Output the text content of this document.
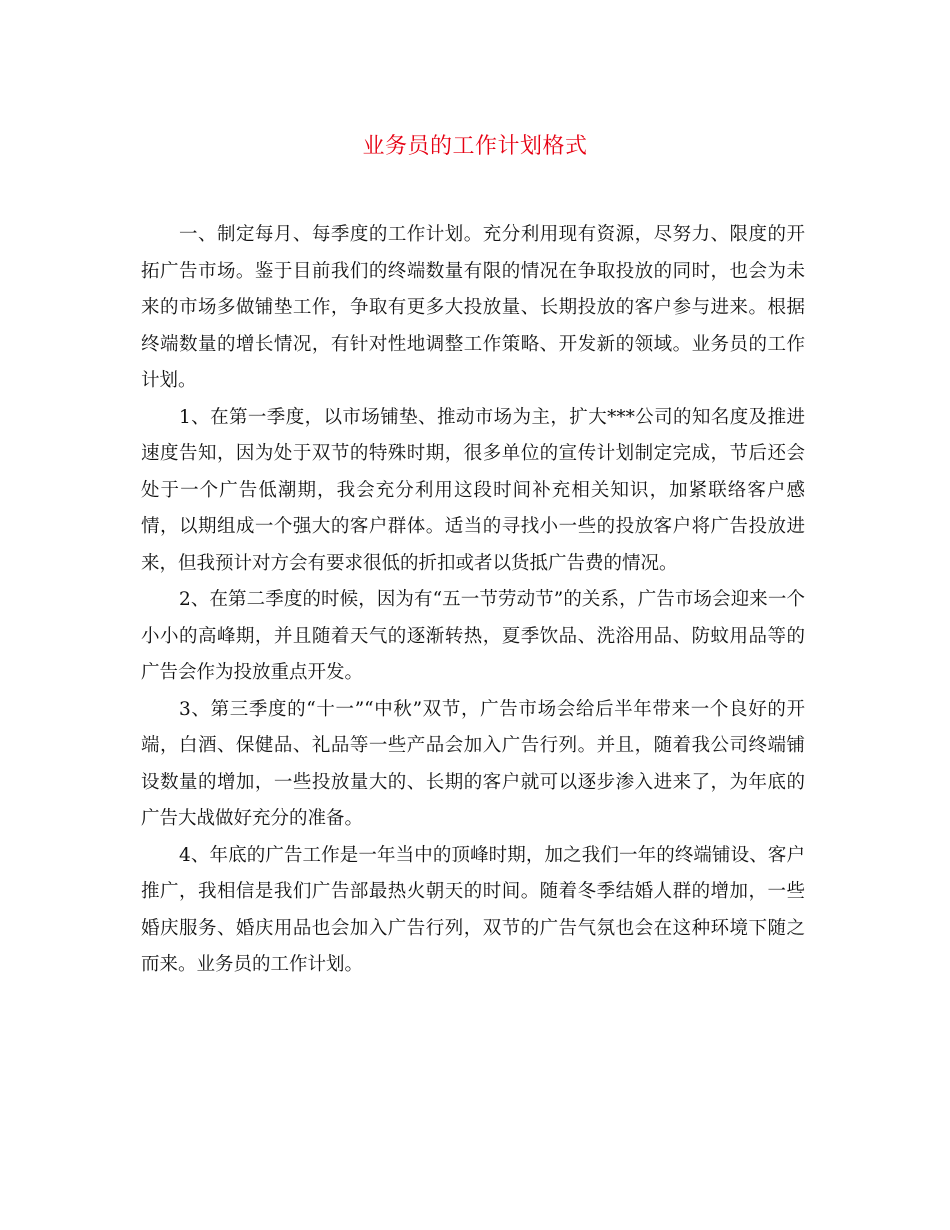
业务员的工作计划格式

一、制定每月、每季度的工作计划。充分利用现有资源，尽努力、限度的开拓广告市场。鉴于目前我们的终端数量有限的情况在争取投放的同时，也会为未来的市场多做铺垫工作，争取有更多大投放量、长期投放的客户参与进来。根据终端数量的增长情况，有针对性地调整工作策略、开发新的领域。业务员的工作计划。

1、在第一季度，以市场铺垫、推动市场为主，扩大***公司的知名度及推进速度告知，因为处于双节的特殊时期，很多单位的宣传计划制定完成，节后还会处于一个广告低潮期，我会充分利用这段时间补充相关知识，加紧联络客户感情，以期组成一个强大的客户群体。适当的寻找小一些的投放客户将广告投放进来，但我预计对方会有要求很低的折扣或者以货抵广告费的情况。

2、在第二季度的时候，因为有“五一节劳动节”的关系，广告市场会迎来一个小小的高峰期，并且随着天气的逐渐转热，夏季饮品、洗浴用品、防蚊用品等的广告会作为投放重点开发。

3、第三季度的“十一”“中秋”双节，广告市场会给后半年带来一个良好的开端，白酒、保健品、礼品等一些产品会加入广告行列。并且，随着我公司终端铺设数量的增加，一些投放量大的、长期的客户就可以逐步渗入进来了，为年底的广告大战做好充分的准备。

4、年底的广告工作是一年当中的顶峰时期，加之我们一年的终端铺设、客户推广，我相信是我们广告部最热火朝天的时间。随着冬季结婚人群的增加，一些婚庆服务、婚庆用品也会加入广告行列，双节的广告气氛也会在这种环境下随之而来。业务员的工作计划。
